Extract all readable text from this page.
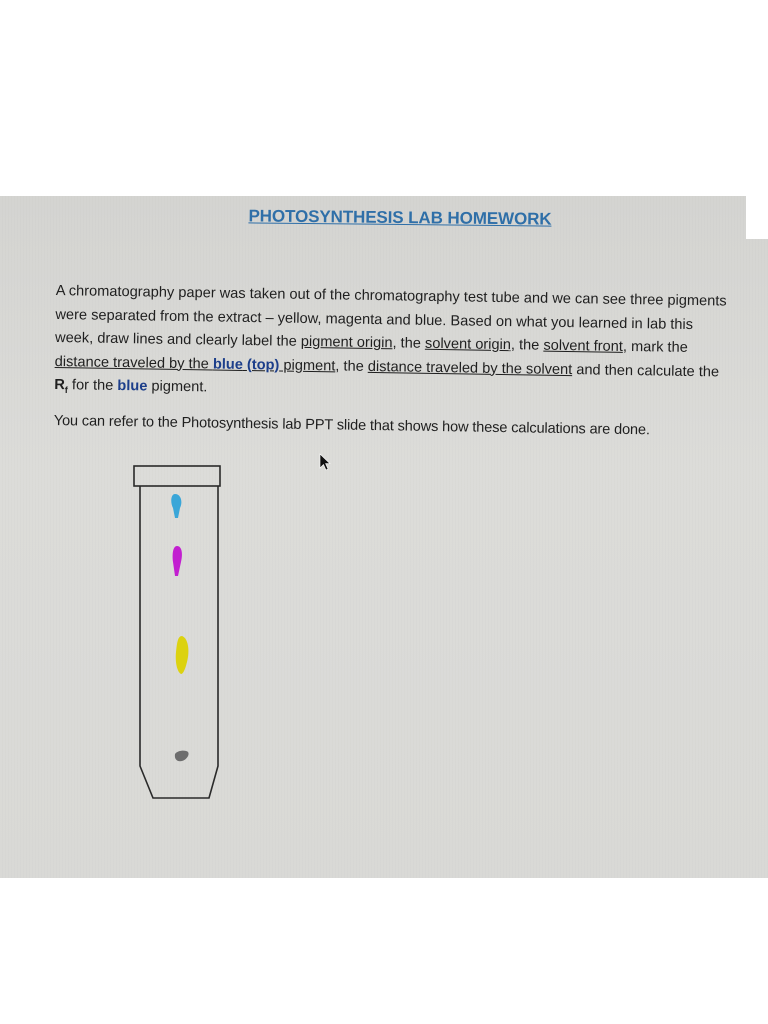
PHOTOSYNTHESIS LAB HOMEWORK

A chromatography paper was taken out of the chromatography test tube and we can see three pigments were separated from the extract – yellow, magenta and blue. Based on what you learned in lab this week, draw lines and clearly label the pigment origin, the solvent origin, the solvent front, mark the distance traveled by the blue (top) pigment, the distance traveled by the solvent and then calculate the $R_f$ for the blue pigment.

You can refer to the Photosynthesis lab PPT slide that shows how these calculations are done.
